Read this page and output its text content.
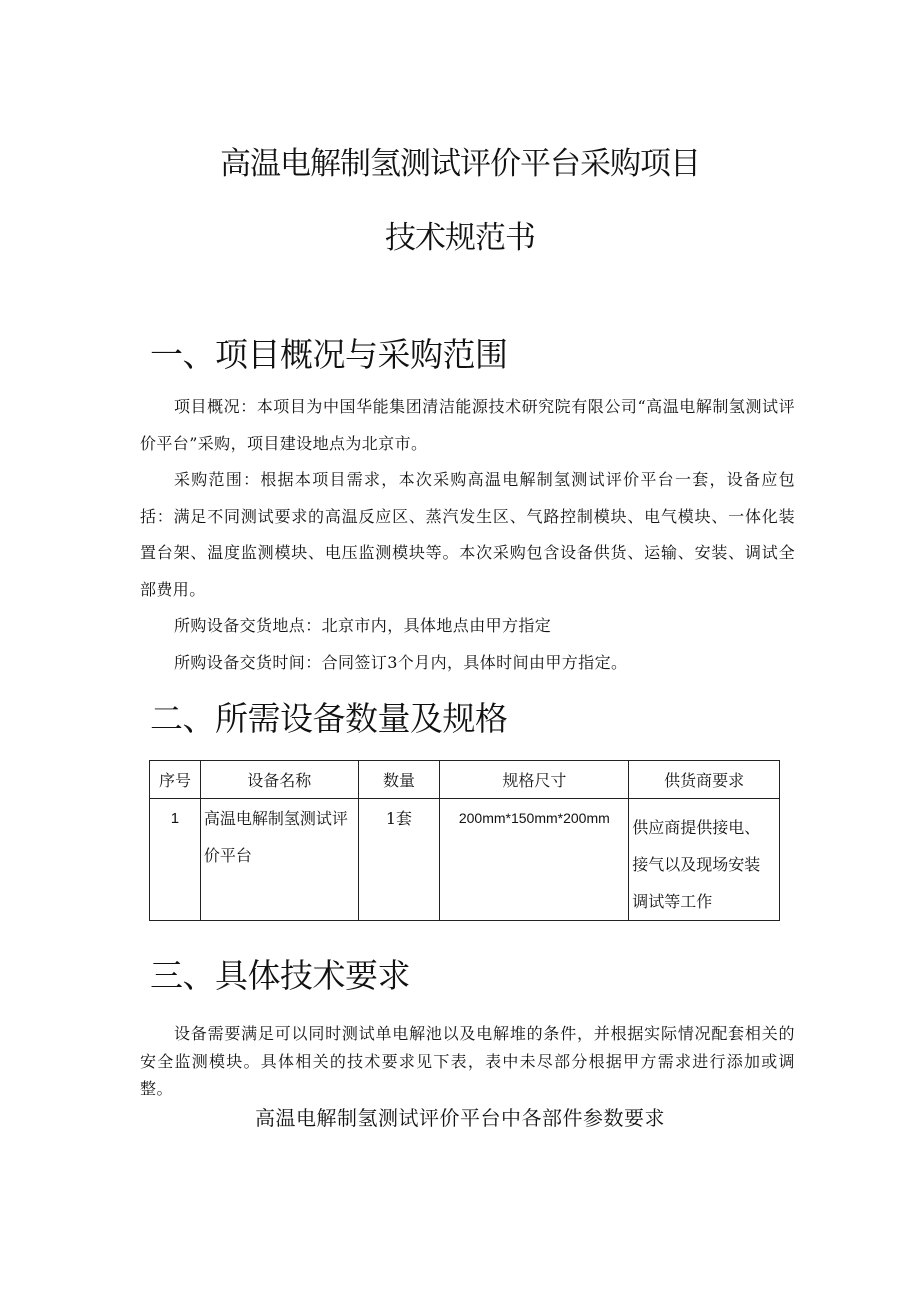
高温电解制氢测试评价平台采购项目
技术规范书
一、项目概况与采购范围

项目概况：本项目为中国华能集团清洁能源技术研究院有限公司“高温电解制氢测试评价平台”采购，项目建设地点为北京市。

采购范围：根据本项目需求，本次采购高温电解制氢测试评价平台一套，设备应包括：满足不同测试要求的高温反应区、蒸汽发生区、气路控制模块、电气模块、一体化装置台架、温度监测模块、电压监测模块等。本次采购包含设备供货、运输、安装、调试全部费用。

所购设备交货地点：北京市内，具体地点由甲方指定

所购设备交货时间：合同签订3个月内，具体时间由甲方指定。

二、所需设备数量及规格
序号	设备名称	数量	规格尺寸	供货商要求
1	高温电解制氢测试评价平台	1套	200mm*150mm*200mm	供应商提供接电、接气以及现场安装调试等工作
三、具体技术要求

设备需要满足可以同时测试单电解池以及电解堆的条件，并根据实际情况配套相关的安全监测模块。具体相关的技术要求见下表，表中未尽部分根据甲方需求进行添加或调整。

高温电解制氢测试评价平台中各部件参数要求
